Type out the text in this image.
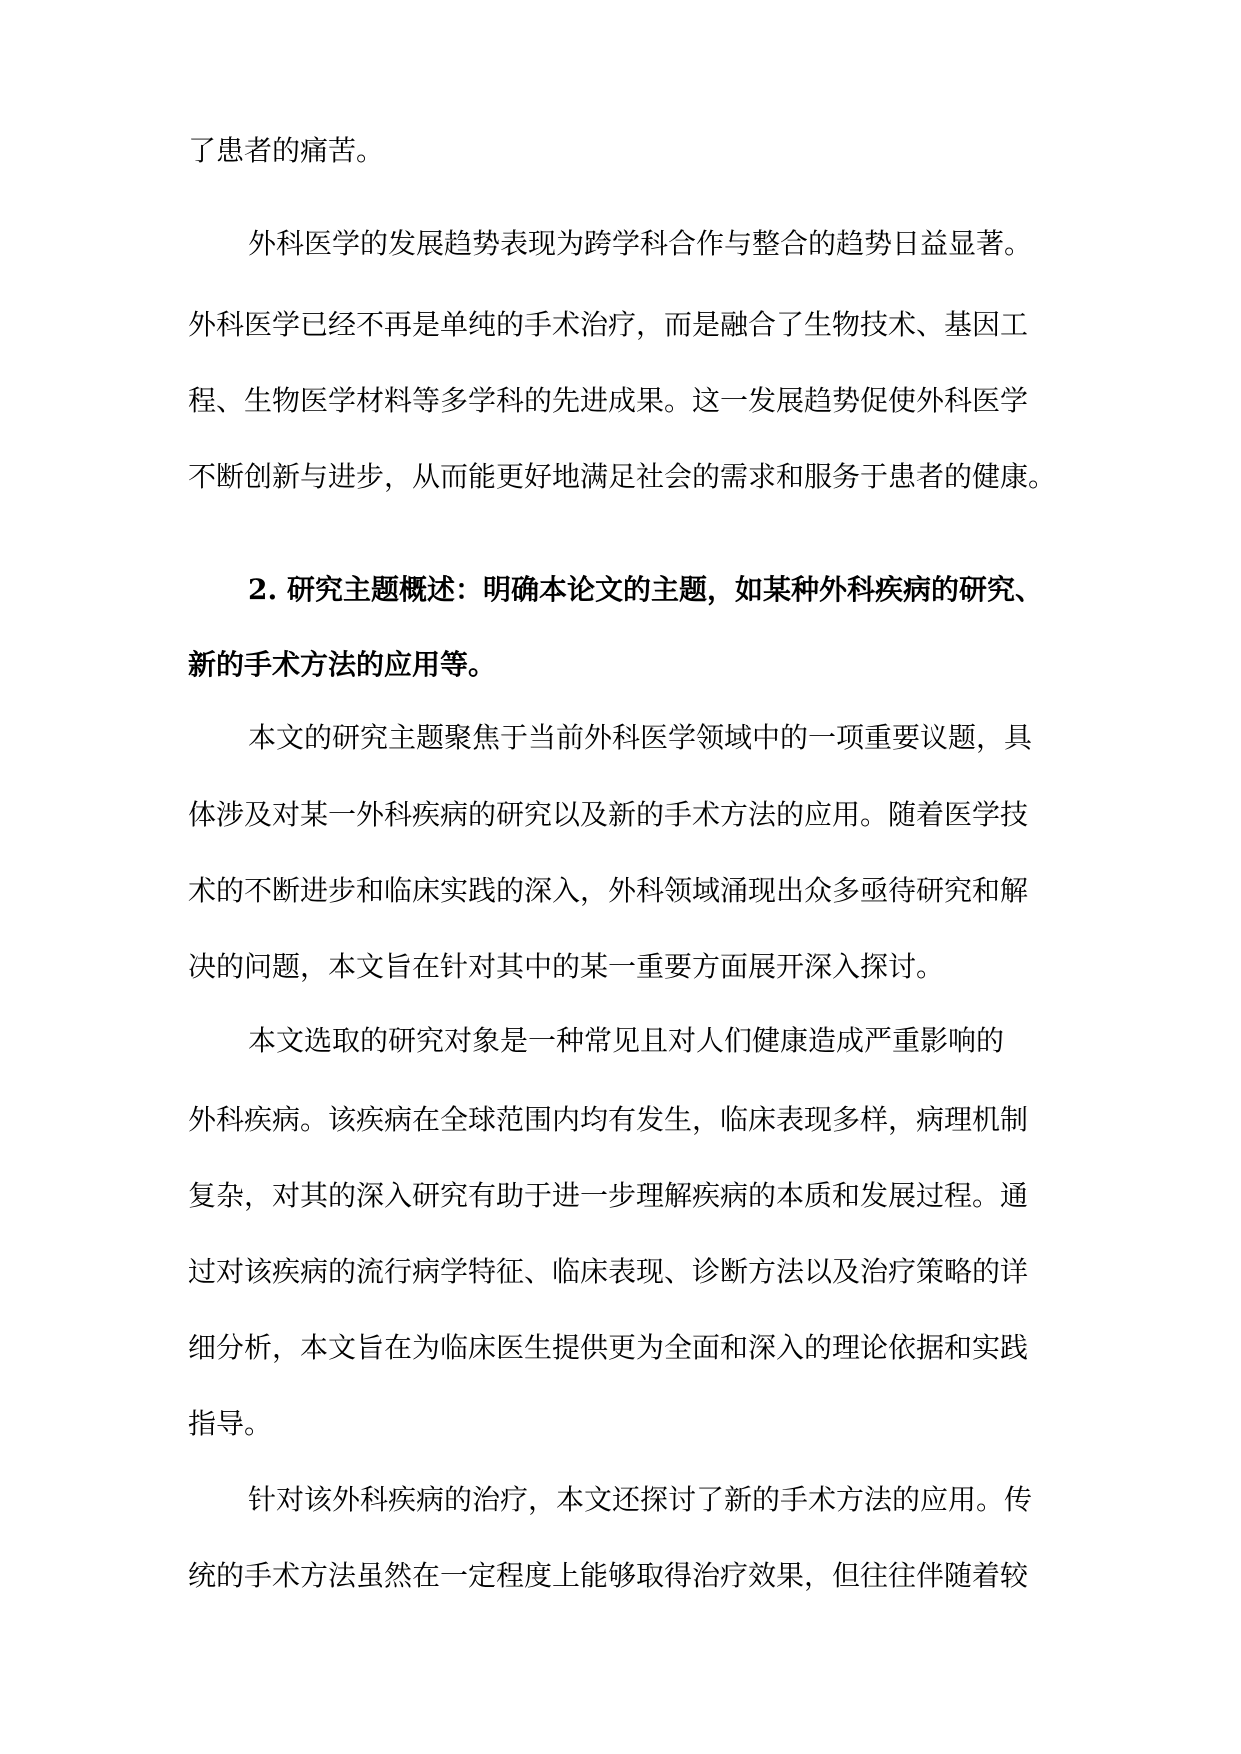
了患者的痛苦。
外科医学的发展趋势表现为跨学科合作与整合的趋势日益显著。
外科医学已经不再是单纯的手术治疗，而是融合了生物技术、基因工
程、生物医学材料等多学科的先进成果。这一发展趋势促使外科医学
不断创新与进步，从而能更好地满足社会的需求和服务于患者的健康。
2. 研究主题概述：明确本论文的主题，如某种外科疾病的研究、
新的手术方法的应用等。
本文的研究主题聚焦于当前外科医学领域中的一项重要议题，具
体涉及对某一外科疾病的研究以及新的手术方法的应用。随着医学技
术的不断进步和临床实践的深入，外科领域涌现出众多亟待研究和解
决的问题，本文旨在针对其中的某一重要方面展开深入探讨。
本文选取的研究对象是一种常见且对人们健康造成严重影响的
外科疾病。该疾病在全球范围内均有发生，临床表现多样，病理机制
复杂，对其的深入研究有助于进一步理解疾病的本质和发展过程。通
过对该疾病的流行病学特征、临床表现、诊断方法以及治疗策略的详
细分析，本文旨在为临床医生提供更为全面和深入的理论依据和实践
指导。
针对该外科疾病的治疗，本文还探讨了新的手术方法的应用。传
统的手术方法虽然在一定程度上能够取得治疗效果，但往往伴随着较
